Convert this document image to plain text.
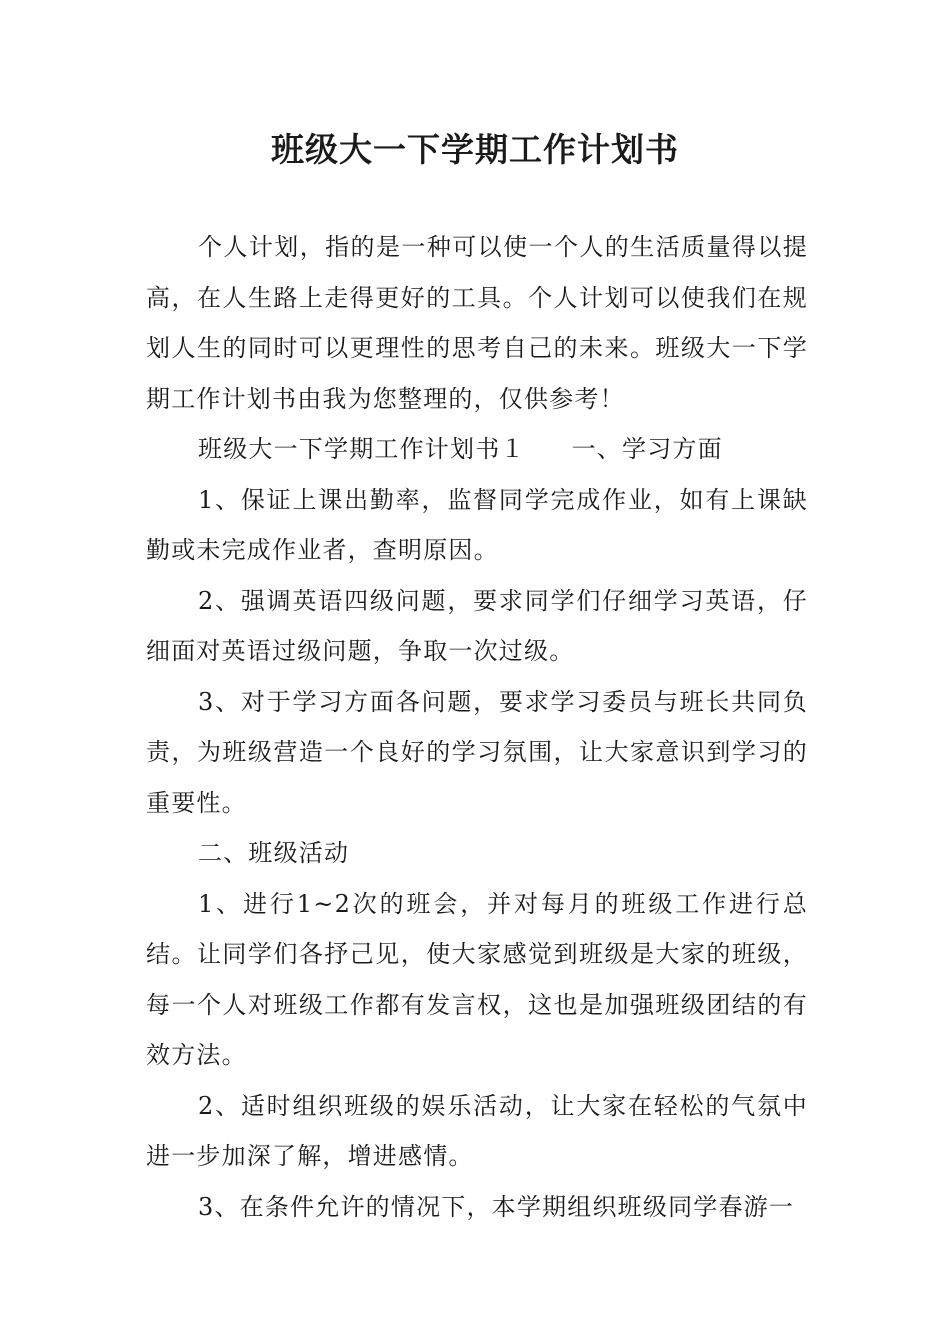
班级大一下学期工作计划书

个人计划，指的是一种可以使一个人的生活质量得以提高，在人生路上走得更好的工具。个人计划可以使我们在规划人生的同时可以更理性的思考自己的未来。班级大一下学期工作计划书由我为您整理的，仅供参考！

班级大一下学期工作计划书１ 一、学习方面

1、保证上课出勤率，监督同学完成作业，如有上课缺勤或未完成作业者，查明原因。

2、强调英语四级问题，要求同学们仔细学习英语，仔细面对英语过级问题，争取一次过级。

3、对于学习方面各问题，要求学习委员与班长共同负责，为班级营造一个良好的学习氛围，让大家意识到学习的重要性。

二、班级活动

1、进行1~2次的班会，并对每月的班级工作进行总结。让同学们各抒己见，使大家感觉到班级是大家的班级，每一个人对班级工作都有发言权，这也是加强班级团结的有效方法。

2、适时组织班级的娱乐活动，让大家在轻松的气氛中进一步加深了解，增进感情。

3、在条件允许的情况下，本学期组织班级同学春游一
